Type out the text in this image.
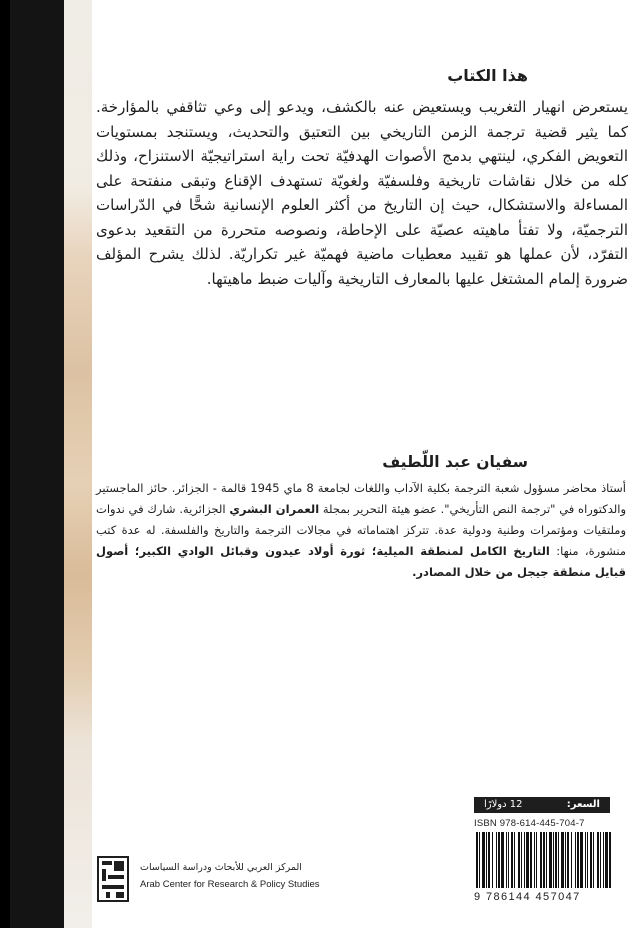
هذا الكتاب
يستعرض انهيار التغريب ويستعيض عنه بالكشف، ويدعو إلى وعي تثاقفي بالمؤارخة. كما يثير قضية ترجمة الزمن التاريخي بين التعتيق والتحديث، ويستنجد بمستويات التعويض الفكري، لينتهي بدمج الأصوات الهدفيّة تحت راية استراتيجيّة الاستنزاح، وذلك كله من خلال نقاشات تاريخية وفلسفيّة ولغويّة تستهدف الإقناع وتبقى منفتحة على المساءلة والاستشكال، حيث إن التاريخ من أكثر العلوم الإنسانية شحًّا في الدّراسات الترجميّة، ولا تفتأ ماهيته عصيّة على الإحاطة، ونصوصه متحررة من التقعيد بدعوى التفرّد، لأن عملها هو تقييد معطيات ماضية فهميّة غير تكراريّة. لذلك يشرح المؤلف ضرورة إلمام المشتغل عليها بالمعارف التاريخية وآليات ضبط ماهيتها.
سفيان عبد اللّطيف
أستاذ محاضر مسؤول شعبة الترجمة بكلية الآداب واللغات لجامعة 8 ماي 1945 قالمة - الجزائر. حائز الماجستير والدكتوراه في "ترجمة النص التأريخي". عضو هيئة التحرير بمجلة العمران البشري الجزائرية. شارك في ندوات وملتقيات ومؤتمرات وطنية ودولية عدة. تتركز اهتماماته في مجالات الترجمة والتاريخ والفلسفة. له عدة كتب منشورة، منها: التاريخ الكامل لمنطقة الميلية؛ ثورة أولاد عيدون وقبائل الوادي الكبير؛ أصول قبايل منطقة جيجل من خلال المصادر.
السعر:
12 دولارًا
ISBN 978-614-445-704-7
9 786144 457047
المركز العربي للأبحاث ودراسة السياسات
Arab Center for Research & Policy Studies
